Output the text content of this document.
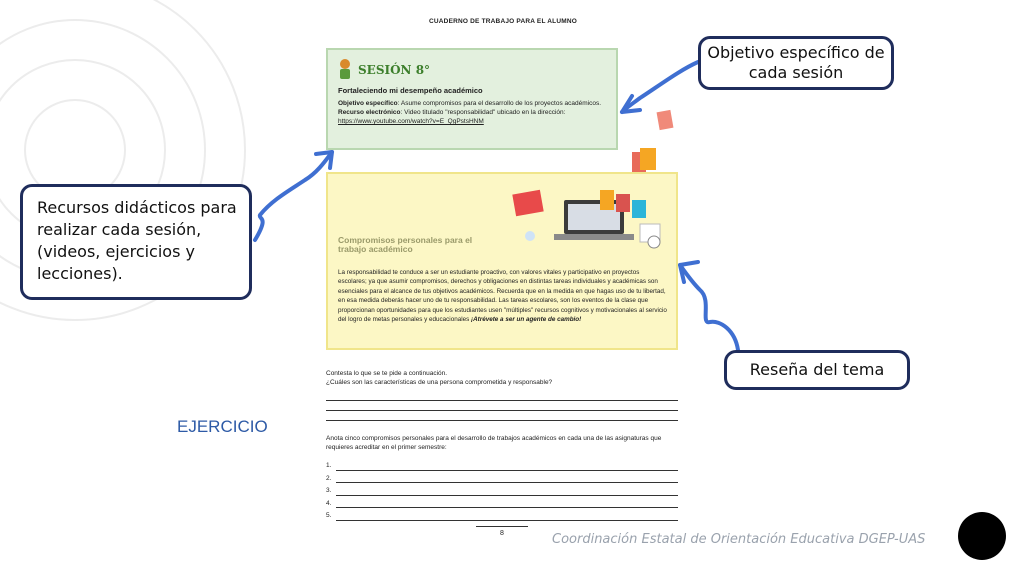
CUADERNO DE TRABAJO PARA EL ALUMNO
SESIÓN 8°
Fortaleciendo mi desempeño académico
Objetivo específico: Asume compromisos para el desarrollo de los proyectos académicos.
Recurso electrónico: Video titulado "responsabilidad" ubicado en la dirección:
https://www.youtube.com/watch?v=E_QgPstsHNM
Compromisos personales para el trabajo académico
La responsabilidad te conduce a ser un estudiante proactivo, con valores vitales y participativo en proyectos escolares; ya que asumir compromisos, derechos y obligaciones en distintas tareas individuales y académicas son esenciales para el alcance de tus objetivos académicos. Recuerda que en la medida en que hagas uso de tu libertad, en esa medida deberás hacer uno de tu responsabilidad. Las tareas escolares, son los eventos de la clase que proporcionan oportunidades para que los estudiantes usen "múltiples" recursos cognitivos y motivacionales al servicio del logro de metas personales y educacionales ¡Atrévete a ser un agente de cambio!
Contesta lo que se te pide a continuación.
¿Cuáles son las características de una persona comprometida y responsable?
Anota cinco compromisos personales para el desarrollo de trabajos académicos en cada una de las asignaturas que requieres acreditar en el primer semestre:
1.
2.
3.
4.
5.
8
EJERCICIO
Objetivo específico de cada sesión
Recursos didácticos para realizar cada sesión, (videos, ejercicios y lecciones).
Reseña del tema
Coordinación Estatal de Orientación Educativa DGEP-UAS
